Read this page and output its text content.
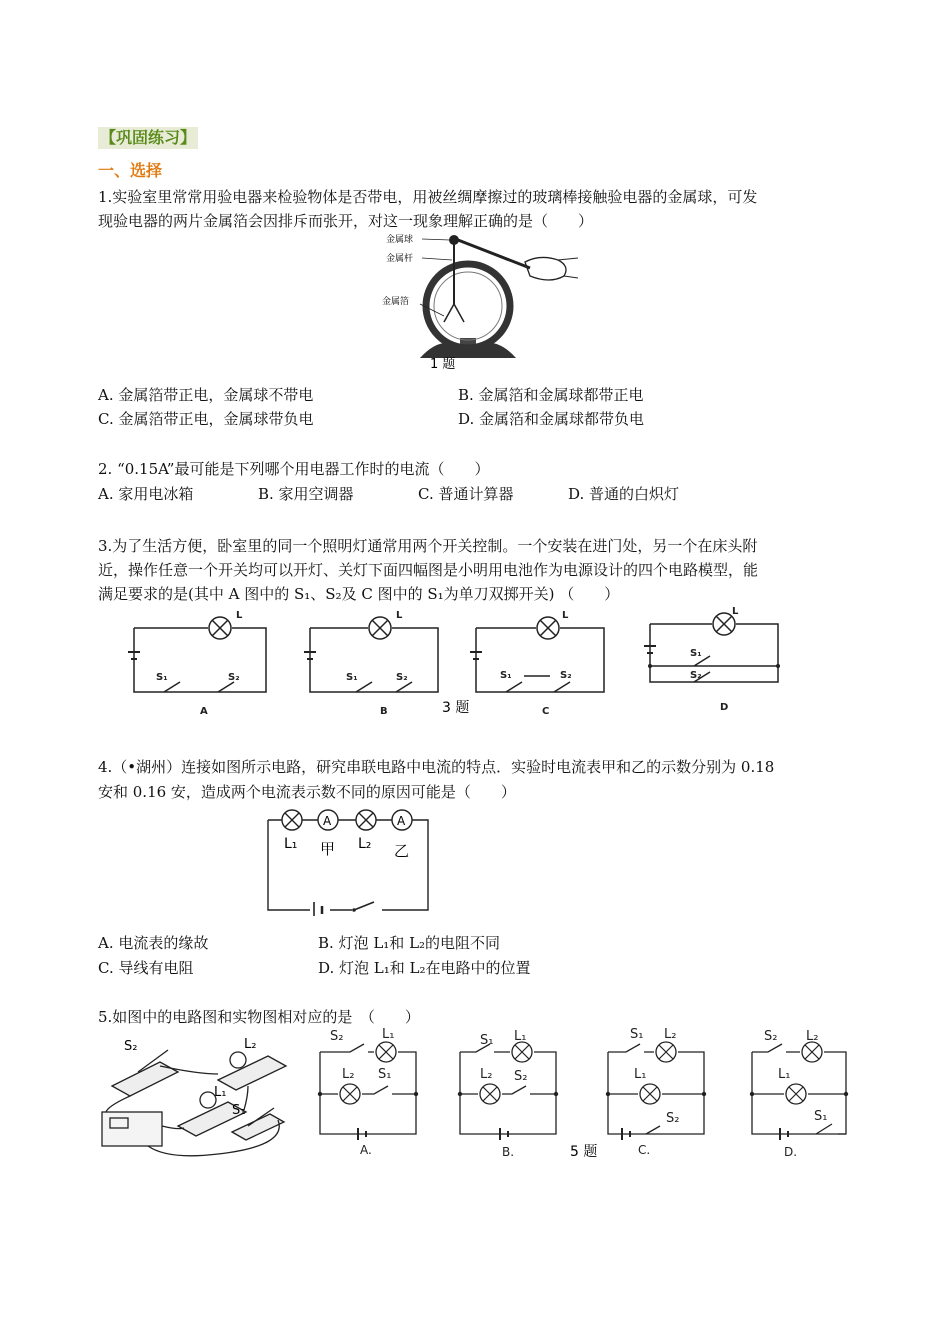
【巩固练习】
一、选择
1.实验室里常常用验电器来检验物体是否带电，用被丝绸摩擦过的玻璃棒接触验电器的金属球，可发
现验电器的两片金属箔会因排斥而张开，对这一现象理解正确的是（　　）
金属球
金属杆
金属箔
1 题
A. 金属箔带正电，金属球不带电	B. 金属箔和金属球都带正电
C. 金属箔带正电，金属球带负电	D. 金属箔和金属球都带负电
2. “0.15A”最可能是下列哪个用电器工作时的电流（　　）
A. 家用电冰箱	B. 家用空调器	C. 普通计算器	D. 普通的白炽灯
3.为了生活方便，卧室里的同一个照明灯通常用两个开关控制。一个安装在进门处，另一个在床头附
近，操作任意一个开关均可以开灯、关灯下面四幅图是小明用电池作为电源设计的四个电路模型，能
满足要求的是(其中 A 图中的 S₁、S₂及 C 图中的 S₁为单刀双掷开关) （　　）
L
S₁	S₂
A
L
S₁	S₂
B
L
S₁	S₂
C
L
S₁
S₂
D
3 题
4.（•湖州）连接如图所示电路，研究串联电路中电流的特点．实验时电流表甲和乙的示数分别为 0.18
安和 0.16 安，造成两个电流表示数不同的原因可能是（　　）
A	A
L₁ 甲 L₂ 乙
A. 电流表的缘故	B. 灯泡 L₁和 L₂的电阻不同
C. 导线有电阻	D. 灯泡 L₁和 L₂在电路中的位置
5.如图中的电路图和实物图相对应的是　（　　）
S₂	L₂
L₁
S₁
S₂	L₁
L₂ S₁
A.
S₁ L₁
L₂ S₂
B.
S₁ L₂
L₁
S₂
C.
S₂ L₂
L₁
S₁
D.
5 题
